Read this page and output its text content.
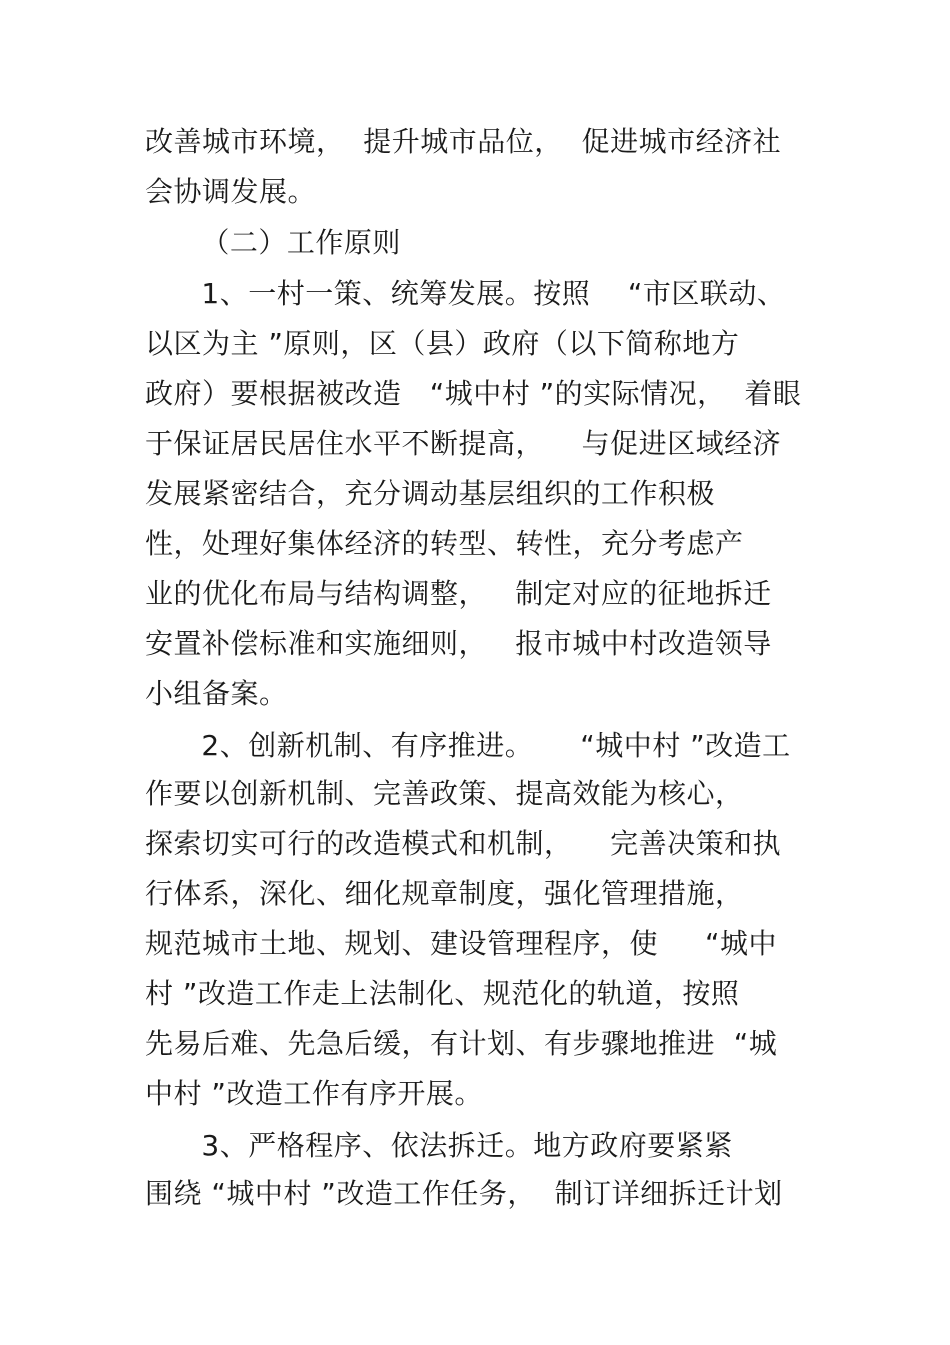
改善城市环境，  提升城市品位，  促进城市经济社
会协调发展。
（二）工作原则
1、一村一策、统筹发展。按照    “市区联动、
以区为主 ”原则，区（县）政府（以下简称地方
政府）要根据被改造   “城中村 ”的实际情况，  着眼
于保证居民居住水平不断提高，    与促进区域经济
发展紧密结合，充分调动基层组织的工作积极
性，处理好集体经济的转型、转性，充分考虑产
业的优化布局与结构调整，   制定对应的征地拆迁
安置补偿标准和实施细则，   报市城中村改造领导
小组备案。
2、创新机制、有序推进。     “城中村 ”改造工
作要以创新机制、完善政策、提高效能为核心，
探索切实可行的改造模式和机制，    完善决策和执
行体系，深化、细化规章制度，强化管理措施，
规范城市土地、规划、建设管理程序，使     “城中
村 ”改造工作走上法制化、规范化的轨道，按照
先易后难、先急后缓，有计划、有步骤地推进  “城
中村 ”改造工作有序开展。
3、严格程序、依法拆迁。地方政府要紧紧
围绕 “城中村 ”改造工作任务，  制订详细拆迁计划
